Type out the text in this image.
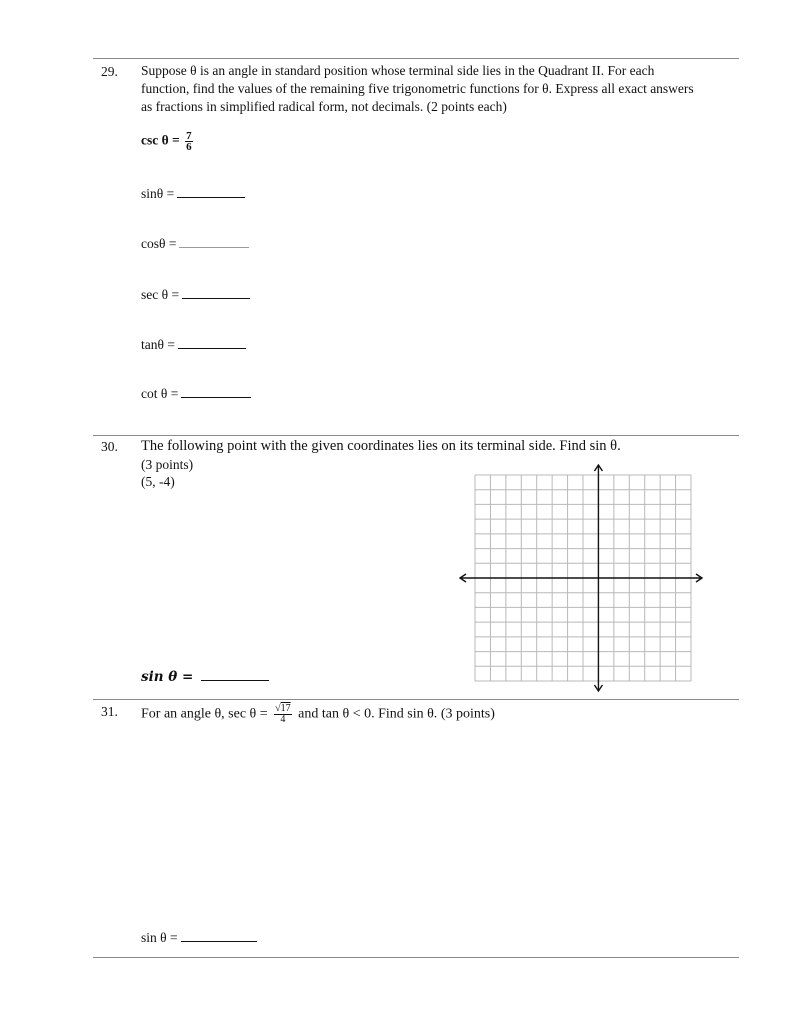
29. Suppose θ is an angle in standard position whose terminal side lies in the Quadrant II. For each
function, find the values of the remaining five trigonometric functions for θ. Express all exact answers
as fractions in simplified radical form, not decimals. (2 points each)
$\csc \theta = \frac{7}{6}$
sinθ =
cosθ =
sec θ =
tanθ =
cot θ =
30. The following point with the given coordinates lies on its terminal side. Find sin θ.
(3 points)
(5, -4)
sin θ =
31. For an angle θ, $\sec \theta = \frac{√17}{4}$ and tan θ < 0. Find sin θ. (3 points)
sin θ =
